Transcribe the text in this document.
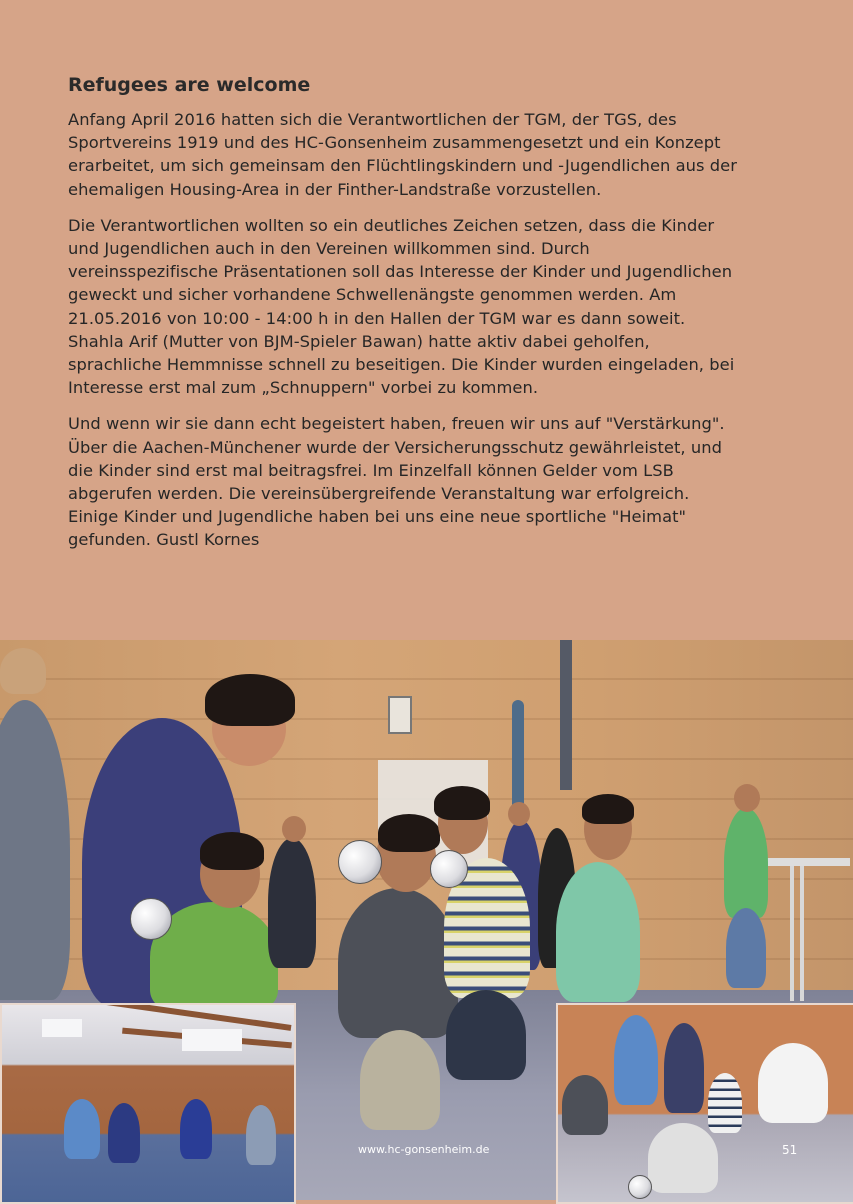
Refugees are welcome

Anfang April 2016 hatten sich die Verantwortlichen der TGM, der TGS, des
Sportvereins 1919 und des HC-Gonsenheim zusammengesetzt und ein Konzept
erarbeitet, um sich gemeinsam den Flüchtlingskindern und -Jugendlichen aus der
ehemaligen Housing-Area in der Finther-Landstraße vorzustellen.

Die Verantwortlichen wollten so ein deutliches Zeichen setzen, dass die Kinder
und Jugendlichen auch in den Vereinen willkommen sind. Durch
vereinsspezifische Präsentationen soll das Interesse der Kinder und Jugendlichen
geweckt und sicher vorhandene Schwellenängste genommen werden. Am
21.05.2016 von 10:00 - 14:00 h in den Hallen der TGM war es dann soweit.
Shahla Arif (Mutter von BJM-Spieler Bawan) hatte aktiv dabei geholfen,
sprachliche Hemmnisse schnell zu beseitigen. Die Kinder wurden eingeladen, bei
Interesse erst mal zum „Schnuppern" vorbei zu kommen.

Und wenn wir sie dann echt begeistert haben, freuen wir uns auf "Verstärkung".
Über die Aachen-Münchener wurde der Versicherungsschutz gewährleistet, und
die Kinder sind erst mal beitragsfrei. Im Einzelfall können Gelder vom LSB
abgerufen werden. Die vereinsübergreifende Veranstaltung war erfolgreich.
Einige Kinder und Jugendliche haben bei uns eine neue sportliche "Heimat"
gefunden. Gustl Kornes

www.hc-gonsenheim.de	51
